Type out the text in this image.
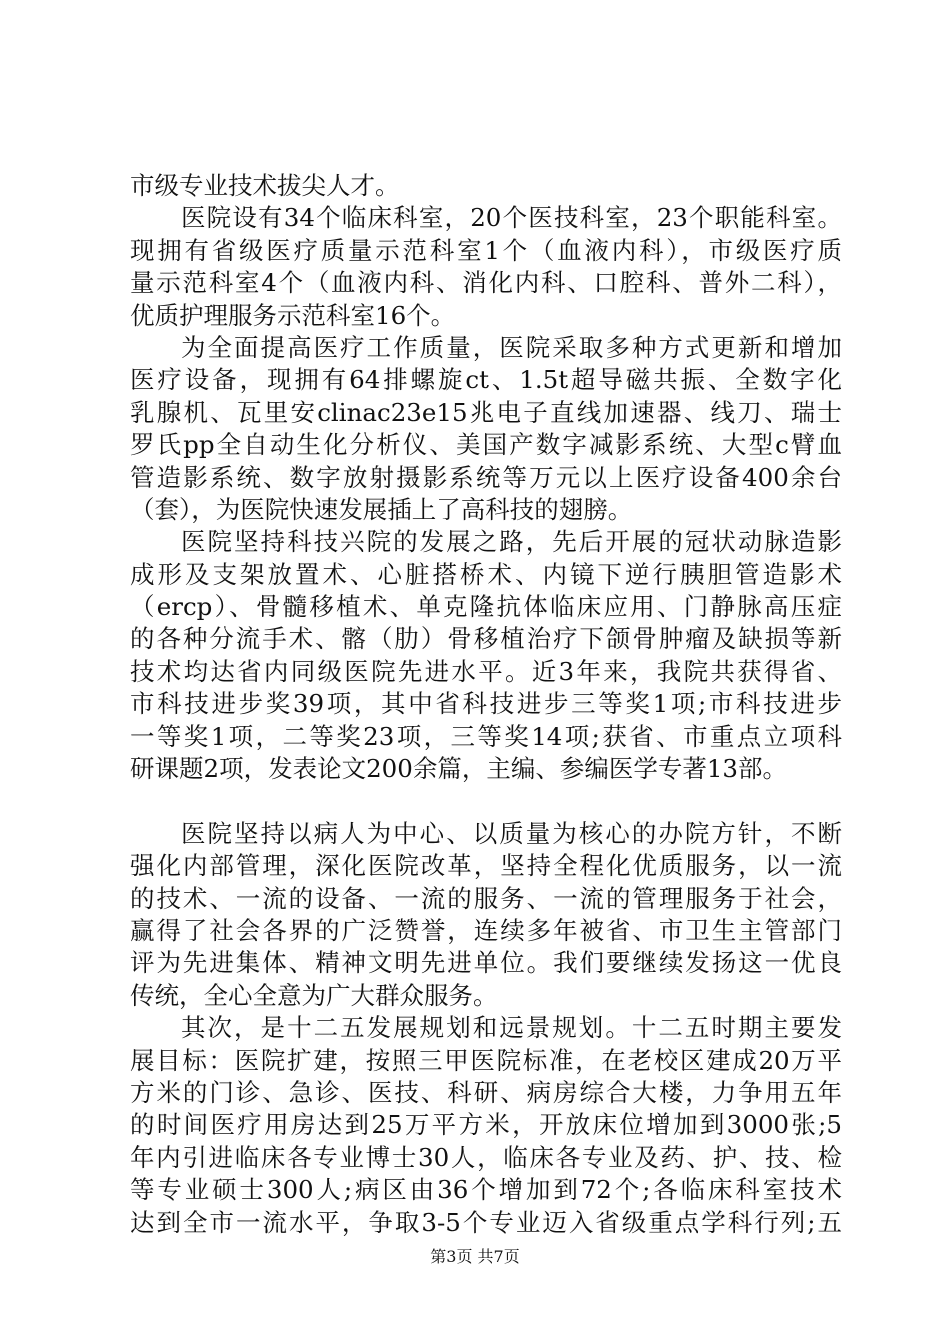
市级专业技术拔尖人才。
医院设有34个临床科室，20个医技科室，23个职能科室。
现拥有省级医疗质量示范科室1个（血液内科），市级医疗质
量示范科室4个（血液内科、消化内科、口腔科、普外二科），
优质护理服务示范科室16个。
为全面提高医疗工作质量，医院采取多种方式更新和增加
医疗设备，现拥有64排螺旋ct、1.5t超导磁共振、全数字化
乳腺机、瓦里安clinac23e15兆电子直线加速器、线刀、瑞士
罗氏pp全自动生化分析仪、美国产数字减影系统、大型c臂血
管造影系统、数字放射摄影系统等万元以上医疗设备400余台
（套），为医院快速发展插上了高科技的翅膀。
医院坚持科技兴院的发展之路，先后开展的冠状动脉造影
成形及支架放置术、心脏搭桥术、内镜下逆行胰胆管造影术
（ercp）、骨髓移植术、单克隆抗体临床应用、门静脉高压症
的各种分流手术、髂（肋）骨移植治疗下颌骨肿瘤及缺损等新
技术均达省内同级医院先进水平。近3年来，我院共获得省、
市科技进步奖39项，其中省科技进步三等奖1项;市科技进步
一等奖1项，二等奖23项，三等奖14项;获省、市重点立项科
研课题2项，发表论文200余篇，主编、参编医学专著13部。
医院坚持以病人为中心、以质量为核心的办院方针，不断
强化内部管理，深化医院改革，坚持全程化优质服务，以一流
的技术、一流的设备、一流的服务、一流的管理服务于社会，
赢得了社会各界的广泛赞誉，连续多年被省、市卫生主管部门
评为先进集体、精神文明先进单位。我们要继续发扬这一优良
传统，全心全意为广大群众服务。
其次，是十二五发展规划和远景规划。十二五时期主要发
展目标：医院扩建，按照三甲医院标准，在老校区建成20万平
方米的门诊、急诊、医技、科研、病房综合大楼，力争用五年
的时间医疗用房达到25万平方米，开放床位增加到3000张;5
年内引进临床各专业博士30人，临床各专业及药、护、技、检
等专业硕士300人;病区由36个增加到72个;各临床科室技术
达到全市一流水平，争取3-5个专业迈入省级重点学科行列;五
第3页 共7页
